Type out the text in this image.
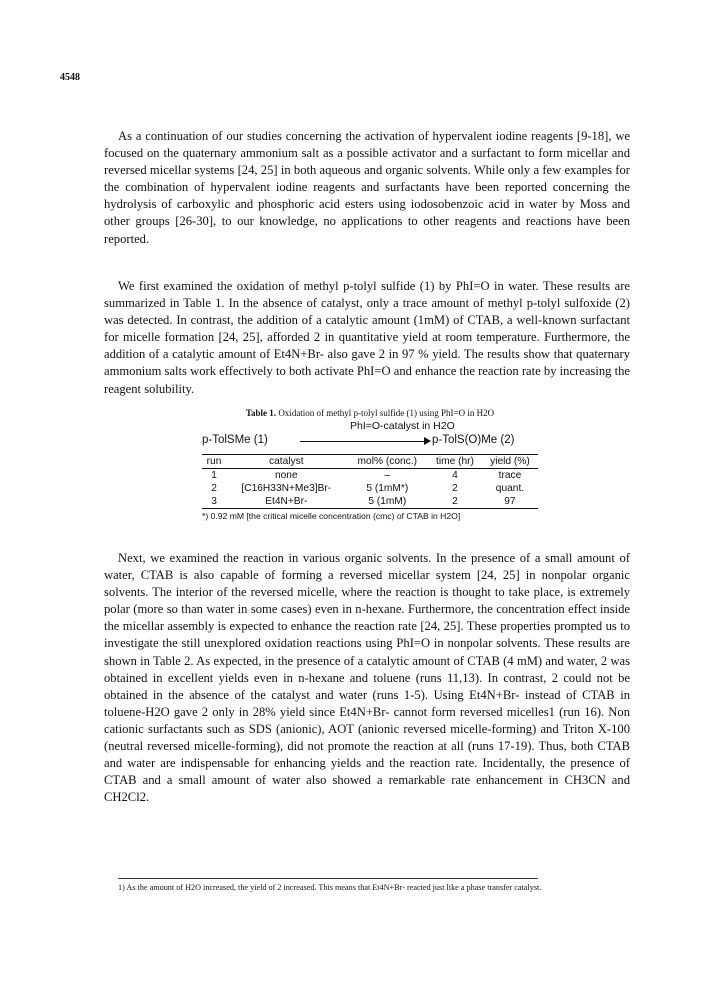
4548

As a continuation of our studies concerning the activation of hypervalent iodine reagents [9-18], we focused on the quaternary ammonium salt as a possible activator and a surfactant to form micellar and reversed micellar systems [24, 25] in both aqueous and organic solvents. While only a few examples for the combination of hypervalent iodine reagents and surfactants have been reported concerning the hydrolysis of carboxylic and phosphoric acid esters using iodosobenzoic acid in water by Moss and other groups [26-30], to our knowledge, no applications to other reagents and reactions have been reported.

We first examined the oxidation of methyl p-tolyl sulfide (1) by PhI=O in water. These results are summarized in Table 1. In the absence of catalyst, only a trace amount of methyl p-tolyl sulfoxide (2) was detected. In contrast, the addition of a catalytic amount (1mM) of CTAB, a well-known surfactant for micelle formation [24, 25], afforded 2 in quantitative yield at room temperature. Furthermore, the addition of a catalytic amount of Et4N+Br- also gave 2 in 97 % yield. The results show that quaternary ammonium salts work effectively to both activate PhI=O and enhance the reaction rate by increasing the reagent solubility.

Table 1. Oxidation of methyl p-tolyl sulfide (1) using PhI=O in H2O
PhI=O-catalyst in H2O
p-TolSMe (1)	p-TolS(O)Me (2)
run	catalyst	mol% (conc.)	time (hr)	yield (%)
1	none	–	4	trace
2	[C16H33N+Me3]Br-	5 (1mM*)	2	quant.
3	Et4N+Br-	5 (1mM)	2	97
*) 0.92 mM [the critical micelle concentration (cmc) of CTAB in H2O]

Next, we examined the reaction in various organic solvents. In the presence of a small amount of water, CTAB is also capable of forming a reversed micellar system [24, 25] in nonpolar organic solvents. The interior of the reversed micelle, where the reaction is thought to take place, is extremely polar (more so than water in some cases) even in n-hexane. Furthermore, the concentration effect inside the micellar assembly is expected to enhance the reaction rate [24, 25]. These properties prompted us to investigate the still unexplored oxidation reactions using PhI=O in nonpolar solvents. These results are shown in Table 2. As expected, in the presence of a catalytic amount of CTAB (4 mM) and water, 2 was obtained in excellent yields even in n-hexane and toluene (runs 11,13). In contrast, 2 could not be obtained in the absence of the catalyst and water (runs 1-5). Using Et4N+Br- instead of CTAB in toluene-H2O gave 2 only in 28% yield since Et4N+Br- cannot form reversed micelles1 (run 16). Non cationic surfactants such as SDS (anionic), AOT (anionic reversed micelle-forming) and Triton X-100 (neutral reversed micelle-forming), did not promote the reaction at all (runs 17-19). Thus, both CTAB and water are indispensable for enhancing yields and the reaction rate. Incidentally, the presence of CTAB and a small amount of water also showed a remarkable rate enhancement in CH3CN and CH2Cl2.

1) As the amount of H2O increased, the yield of 2 increased. This means that Et4N+Br- reacted just like a phase transfer catalyst.
